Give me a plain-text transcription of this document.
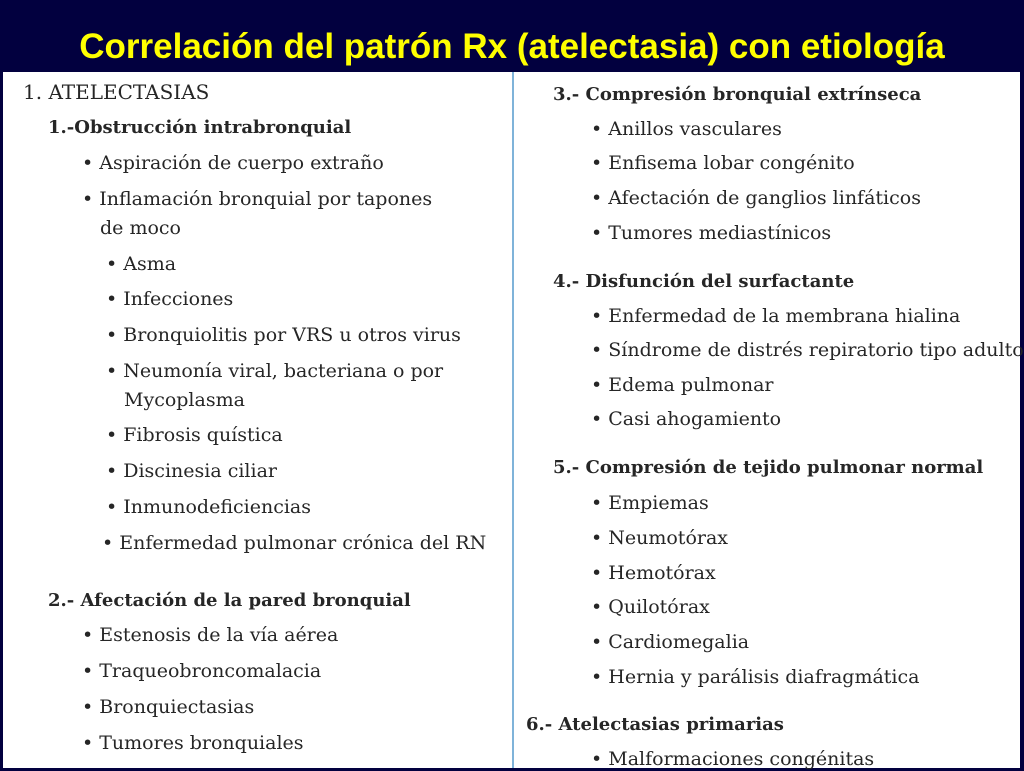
Correlación del patrón Rx (atelectasia) con etiología

1. ATELECTASIAS

1.-Obstrucción intrabronquial

• Aspiración de cuerpo extraño

• Inflamación bronquial por tapones

de moco

• Asma

• Infecciones

• Bronquiolitis por VRS u otros virus

• Neumonía viral, bacteriana o por

Mycoplasma

• Fibrosis quística

• Discinesia ciliar

• Inmunodeficiencias

• Enfermedad pulmonar crónica del RN

2.- Afectación de la pared bronquial

• Estenosis de la vía aérea

• Traqueobroncomalacia

• Bronquiectasias

• Tumores bronquiales

3.- Compresión bronquial extrínseca

• Anillos vasculares

• Enfisema lobar congénito

• Afectación de ganglios linfáticos

• Tumores mediastínicos

4.- Disfunción del surfactante

• Enfermedad de la membrana hialina

• Síndrome de distrés repiratorio tipo adulto

• Edema pulmonar

• Casi ahogamiento

5.- Compresión de tejido pulmonar normal

• Empiemas

• Neumotórax

• Hemotórax

• Quilotórax

• Cardiomegalia

• Hernia y parálisis diafragmática

6.- Atelectasias primarias

• Malformaciones congénitas
